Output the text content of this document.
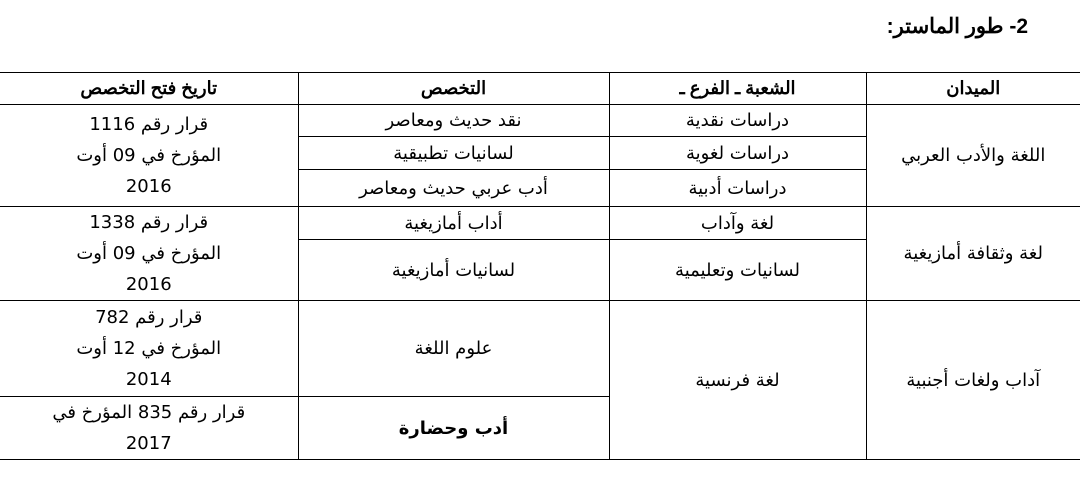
2- طور الماستر:
الميدان	الشعبة ـ الفرع ـ	التخصص	تاريخ فتح التخصص
اللغة والأدب العربي	دراسات نقدية	نقد حديث ومعاصر	قرار رقم 1116
المؤرخ في 09 أوت
2016

	دراسات لغوية	لسانيات تطبيقية	
	دراسات أدبية	أدب عربي حديث ومعاصر	
لغة وثقافة أمازيغية	لغة وآداب	أداب أمازيغية	قرار رقم 1338
المؤرخ في 09 أوت
2016

	لسانيات وتعليمية	لسانيات أمازيغية	
آداب ولغات أجنبية	لغة فرنسية	علوم اللغة	قرار رقم 782
المؤرخ في 12 أوت
2014

		أدب وحضارة	قرار رقم 835 المؤرخ في
2017
